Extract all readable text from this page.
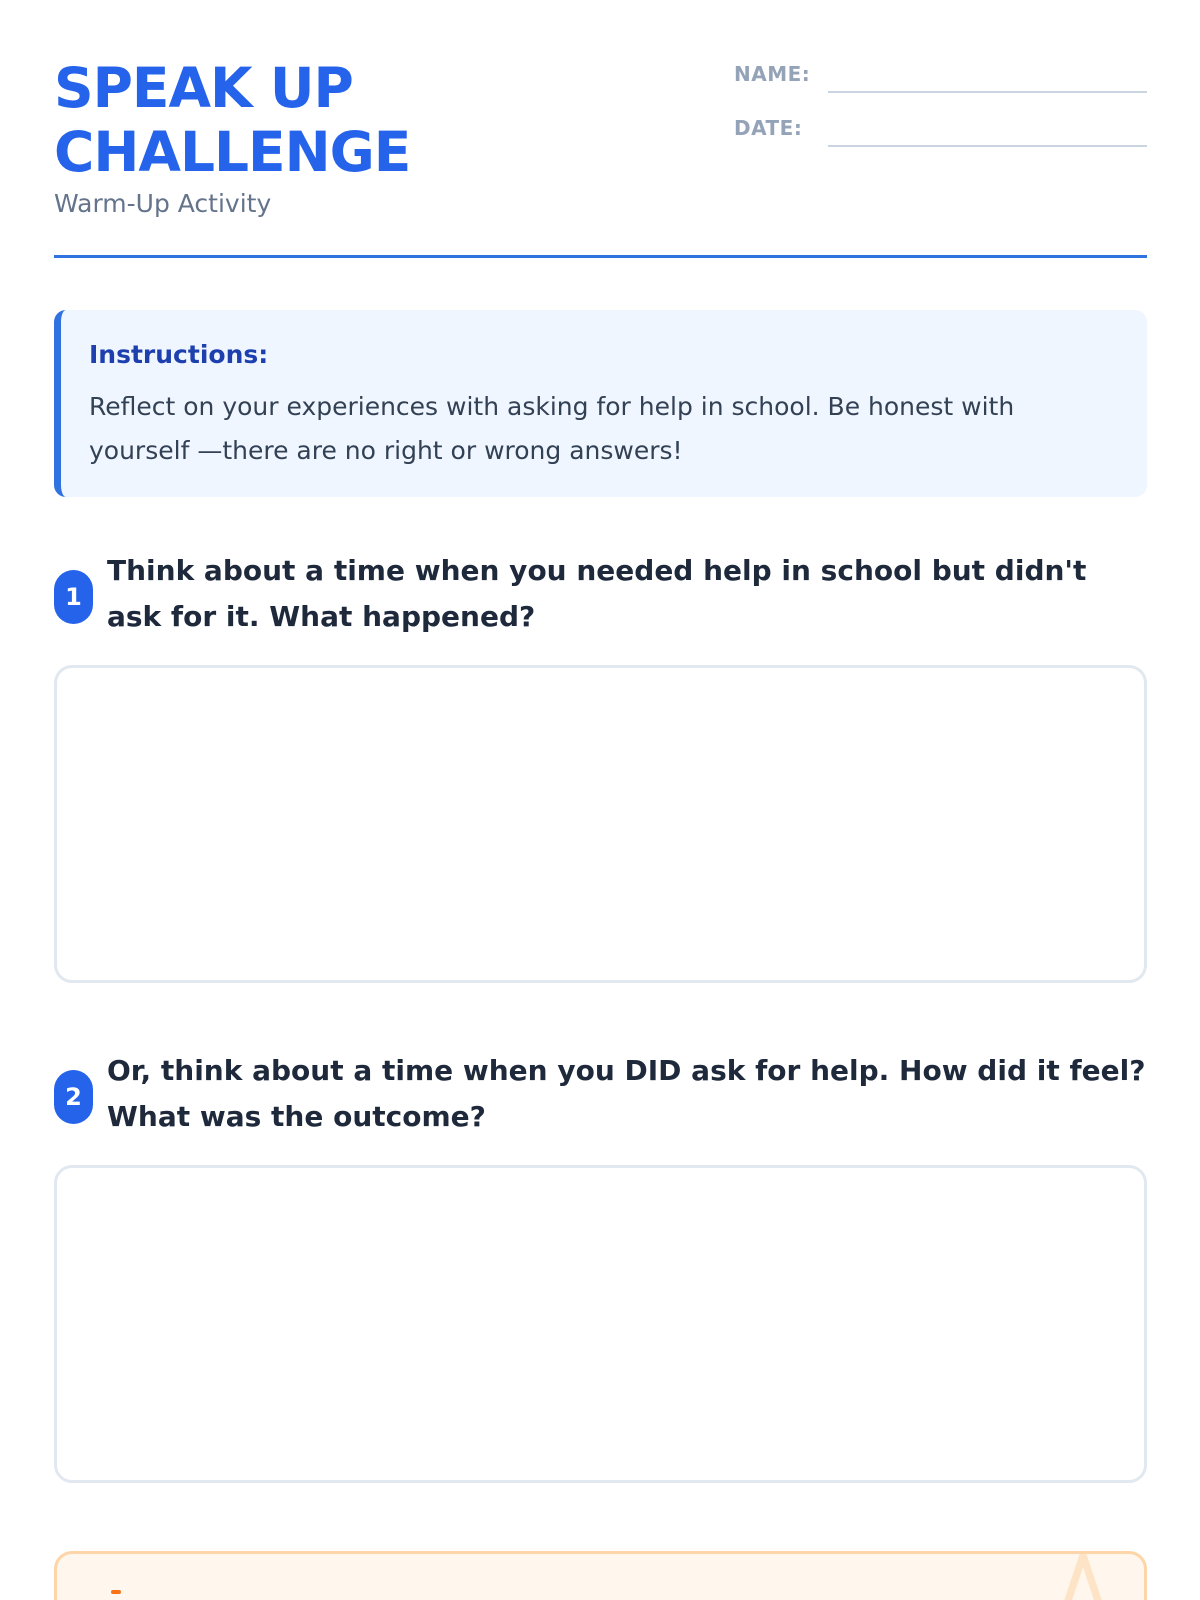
SPEAK UP
CHALLENGE
Warm-Up Activity
NAME:
DATE:
Instructions:
Reflect on your experiences with asking for help in school. Be honest with yourself —there are no right or wrong answers!
1
Think about a time when you needed help in school but didn't ask for it. What happened?
2
Or, think about a time when you DID ask for help. How did it feel? What was the outcome?
